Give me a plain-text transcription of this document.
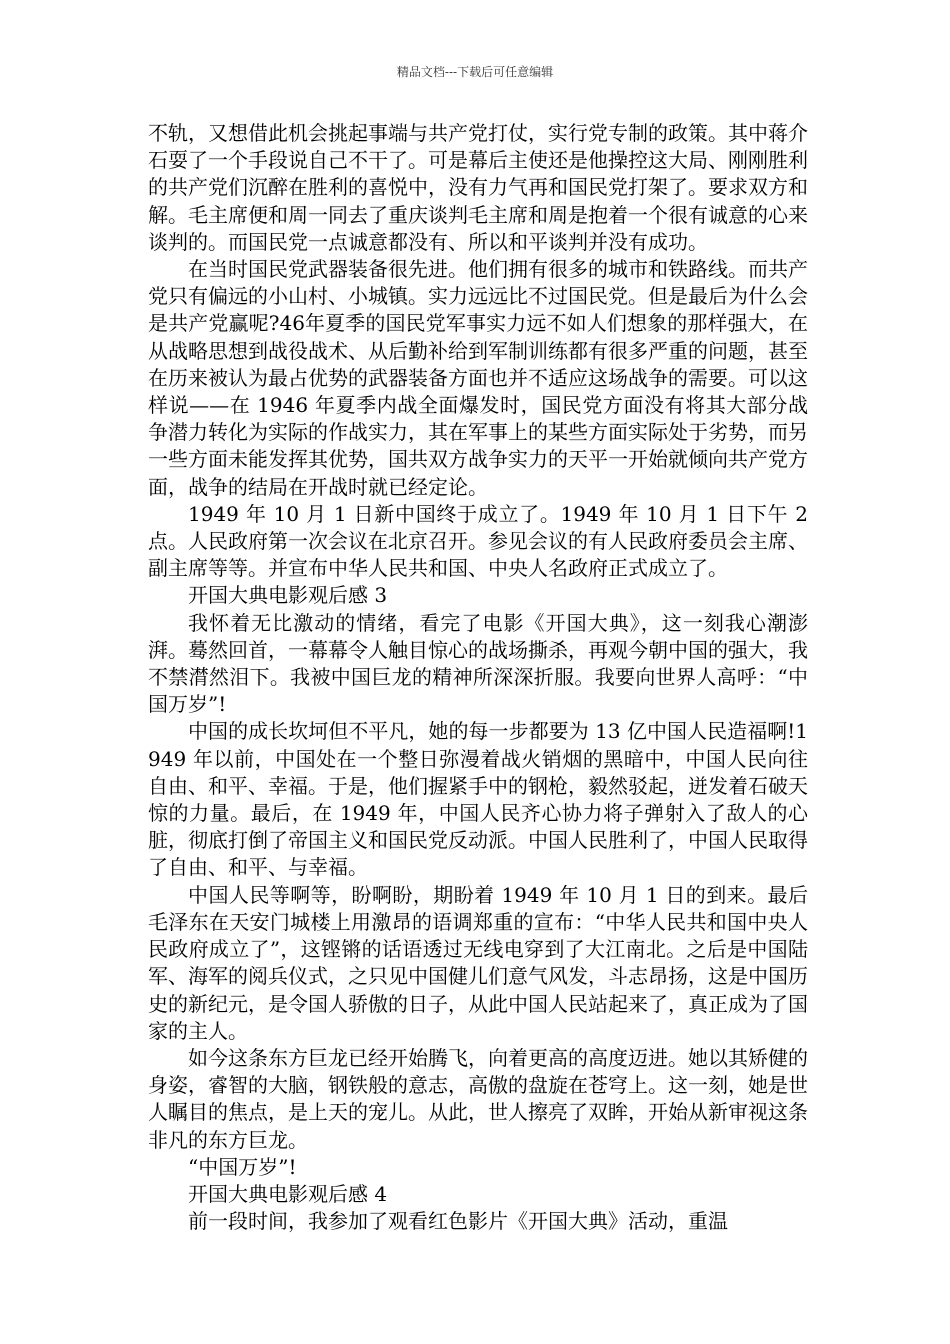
精品文档---下载后可任意编辑

不轨，又想借此机会挑起事端与共产党打仗，实行党专制的政策。其中蒋介石耍了一个手段说自己不干了。可是幕后主使还是他操控这大局、刚刚胜利的共产党们沉醉在胜利的喜悦中，没有力气再和国民党打架了。要求双方和解。毛主席便和周一同去了重庆谈判毛主席和周是抱着一个很有诚意的心来谈判的。而国民党一点诚意都没有、所以和平谈判并没有成功。

在当时国民党武器装备很先进。他们拥有很多的城市和铁路线。而共产党只有偏远的小山村、小城镇。实力远远比不过国民党。但是最后为什么会是共产党赢呢?46年夏季的国民党军事实力远不如人们想象的那样强大，在从战略思想到战役战术、从后勤补给到军制训练都有很多严重的问题，甚至在历来被认为最占优势的武器装备方面也并不适应这场战争的需要。可以这样说——在 1946 年夏季内战全面爆发时，国民党方面没有将其大部分战争潜力转化为实际的作战实力，其在军事上的某些方面实际处于劣势，而另一些方面未能发挥其优势，国共双方战争实力的天平一开始就倾向共产党方面，战争的结局在开战时就已经定论。

1949 年 10 月 1 日新中国终于成立了。1949 年 10 月 1 日下午 2 点。人民政府第一次会议在北京召开。参见会议的有人民政府委员会主席、副主席等等。并宣布中华人民共和国、中央人名政府正式成立了。

开国大典电影观后感 3

我怀着无比激动的情绪，看完了电影《开国大典》，这一刻我心潮澎湃。蓦然回首，一幕幕令人触目惊心的战场撕杀，再观今朝中国的强大，我不禁潸然泪下。我被中国巨龙的精神所深深折服。我要向世界人高呼：“中国万岁”!

中国的成长坎坷但不平凡，她的每一步都要为 13 亿中国人民造福啊!1949 年以前，中国处在一个整日弥漫着战火销烟的黑暗中，中国人民向往自由、和平、幸福。于是，他们握紧手中的钢枪，毅然驳起，迸发着石破天惊的力量。最后，在 1949 年，中国人民齐心协力将子弹射入了敌人的心脏，彻底打倒了帝国主义和国民党反动派。中国人民胜利了，中国人民取得了自由、和平、与幸福。

中国人民等啊等，盼啊盼，期盼着 1949 年 10 月 1 日的到来。最后毛泽东在天安门城楼上用激昂的语调郑重的宣布：“中华人民共和国中央人民政府成立了”，这铿锵的话语透过无线电穿到了大江南北。之后是中国陆军、海军的阅兵仪式，之只见中国健儿们意气风发，斗志昂扬，这是中国历史的新纪元，是令国人骄傲的日子，从此中国人民站起来了，真正成为了国家的主人。

如今这条东方巨龙已经开始腾飞，向着更高的高度迈进。她以其矫健的身姿，睿智的大脑，钢铁般的意志，高傲的盘旋在苍穹上。这一刻，她是世人瞩目的焦点，是上天的宠儿。从此，世人擦亮了双眸，开始从新审视这条非凡的东方巨龙。

“中国万岁”!

开国大典电影观后感 4

前一段时间，我参加了观看红色影片《开国大典》活动，重温
